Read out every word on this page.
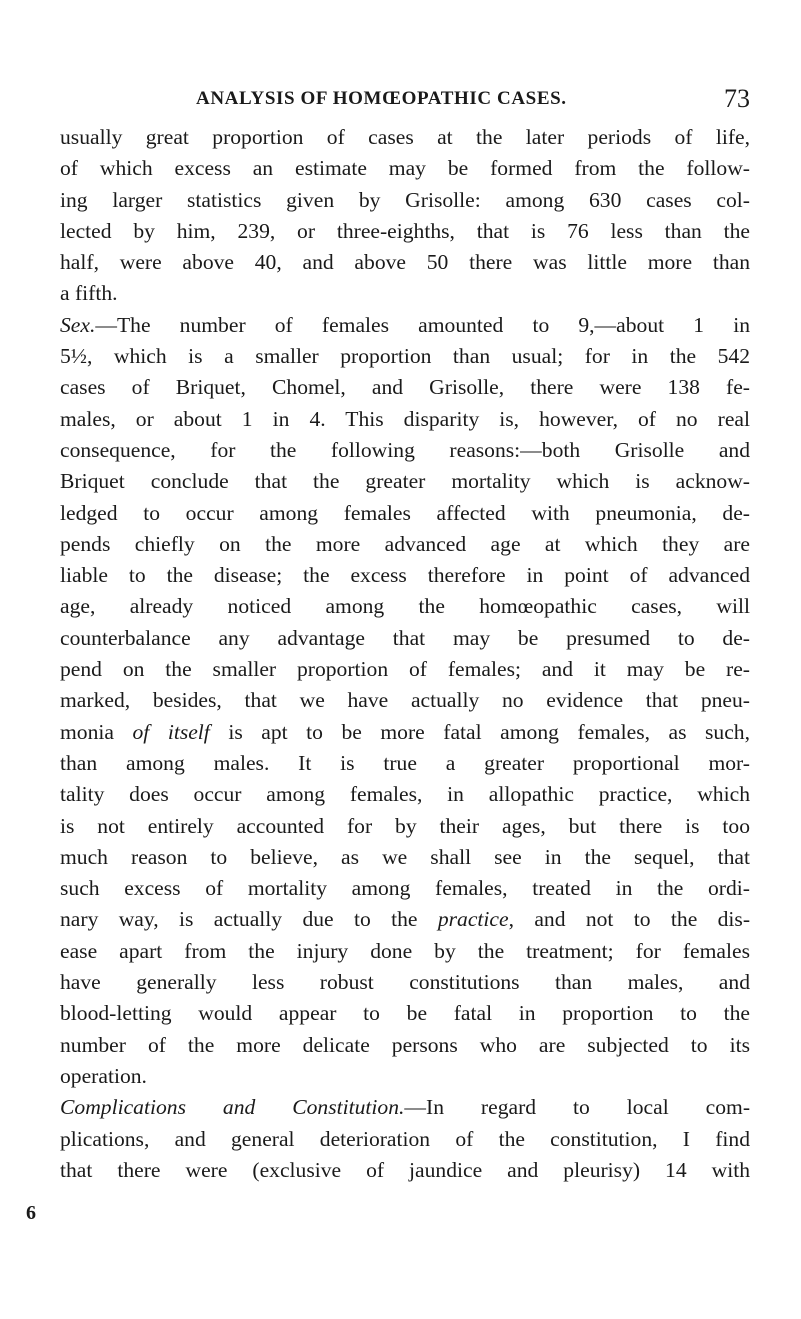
ANALYSIS OF HOMŒOPATHIC CASES.	73
usually great proportion of cases at the later periods of life,
of which excess an estimate may be formed from the follow-
ing larger statistics given by Grisolle: among 630 cases col-
lected by him, 239, or three-eighths, that is 76 less than the
half, were above 40, and above 50 there was little more than
a fifth.
Sex.—The number of females amounted to 9,—about 1 in
5½, which is a smaller proportion than usual; for in the 542
cases of Briquet, Chomel, and Grisolle, there were 138 fe-
males, or about 1 in 4. This disparity is, however, of no real
consequence, for the following reasons:—both Grisolle and
Briquet conclude that the greater mortality which is acknow-
ledged to occur among females affected with pneumonia, de-
pends chiefly on the more advanced age at which they are
liable to the disease; the excess therefore in point of advanced
age, already noticed among the homœopathic cases, will
counterbalance any advantage that may be presumed to de-
pend on the smaller proportion of females; and it may be re-
marked, besides, that we have actually no evidence that pneu-
monia of itself is apt to be more fatal among females, as such,
than among males. It is true a greater proportional mor-
tality does occur among females, in allopathic practice, which
is not entirely accounted for by their ages, but there is too
much reason to believe, as we shall see in the sequel, that
such excess of mortality among females, treated in the ordi-
nary way, is actually due to the practice, and not to the dis-
ease apart from the injury done by the treatment; for females
have generally less robust constitutions than males, and
blood-letting would appear to be fatal in proportion to the
number of the more delicate persons who are subjected to its
operation.
Complications and Constitution.—In regard to local com-
plications, and general deterioration of the constitution, I find
that there were (exclusive of jaundice and pleurisy) 14 with
6
